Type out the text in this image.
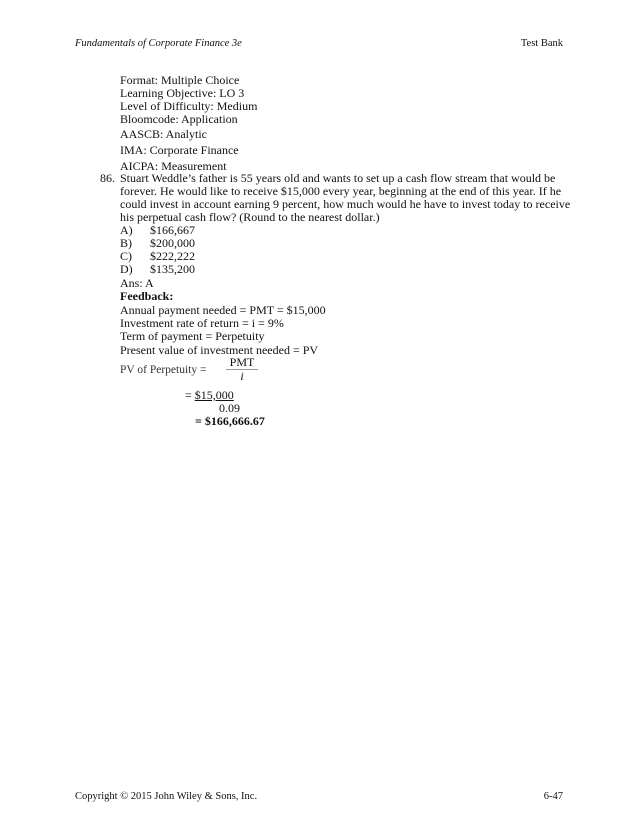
Fundamentals of Corporate Finance 3e	Test Bank
Format: Multiple Choice
Learning Objective: LO 3
Level of Difficulty: Medium
Bloomcode: Application
AASCB: Analytic
IMA: Corporate Finance
AICPA: Measurement
86. Stuart Weddle’s father is 55 years old and wants to set up a cash flow stream that would be
forever. He would like to receive $15,000 every year, beginning at the end of this year. If he
could invest in account earning 9 percent, how much would he have to invest today to receive
his perpetual cash flow? (Round to the nearest dollar.)
A) $166,667
B) $200,000
C) $222,222
D) $135,200
Ans: A
Feedback:
Annual payment needed = PMT = $15,000
Investment rate of return = i = 9%
Term of payment = Perpetuity
Present value of investment needed = PV
PV of Perpetuity =
PMT
i
= $15,000
0.09
= $166,666.67
Copyright © 2015 John Wiley & Sons, Inc.	6-47
